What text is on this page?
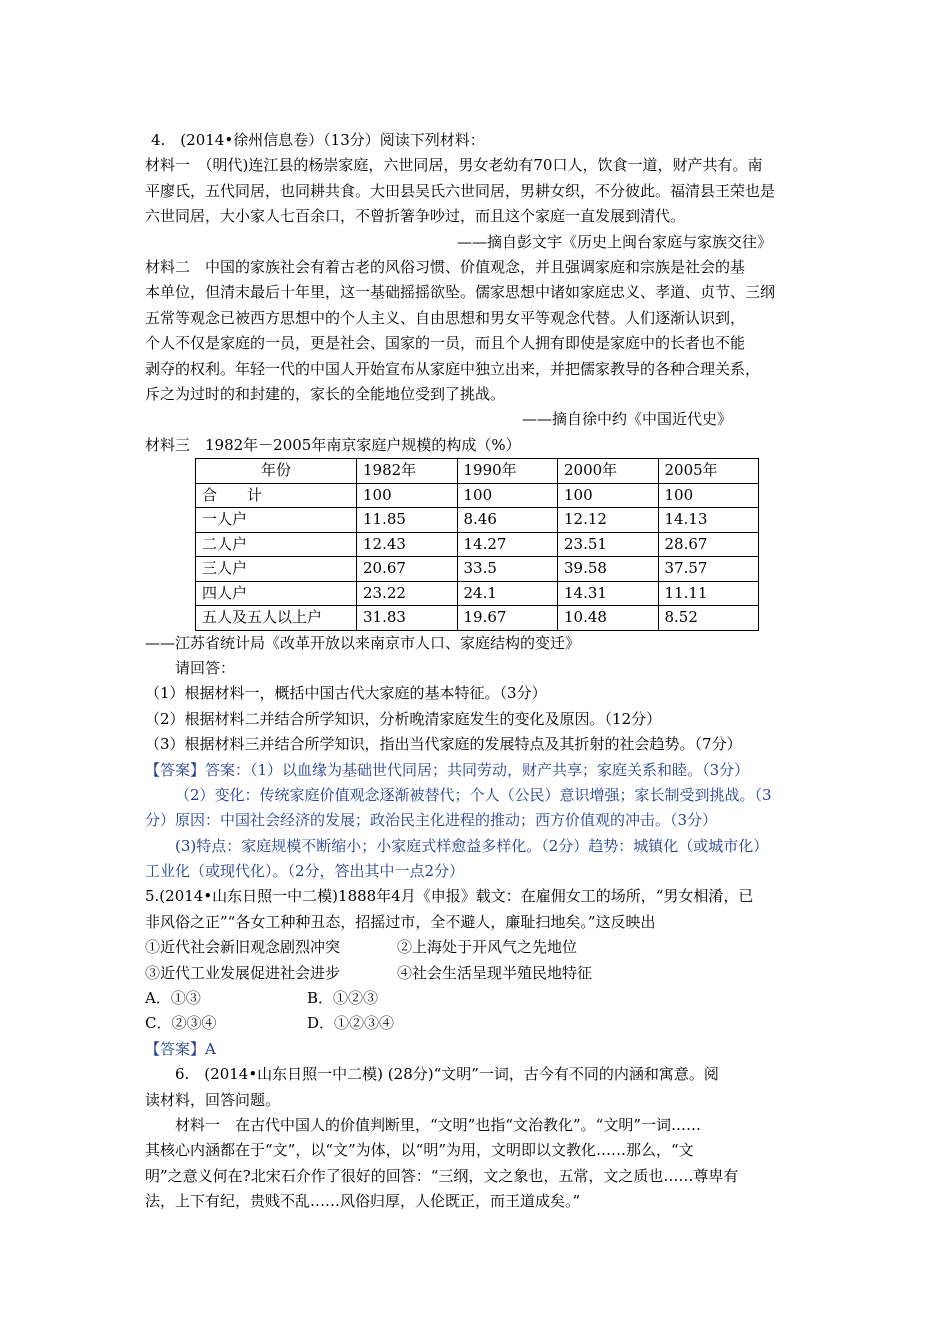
4.　(2014•徐州信息卷）（13分）阅读下列材料：
材料一　（明代)连江县的杨崇家庭，六世同居，男女老幼有70口人，饮食一道，财产共有。南
平廖氏，五代同居，也同耕共食。大田县吴氏六世同居，男耕女织，不分彼此。福清县王荣也是
六世同居，大小家人七百余口，不曾折箸争吵过，而且这个家庭一直发展到清代。
——摘自彭文宇《历史上闽台家庭与家族交往》
材料二　中国的家族社会有着古老的风俗习惯、价值观念，并且强调家庭和宗族是社会的基
本单位，但清末最后十年里，这一基础摇摇欲坠。儒家思想中诸如家庭忠义、孝道、贞节、三纲
五常等观念已被西方思想中的个人主义、自由思想和男女平等观念代替。人们逐渐认识到，
个人不仅是家庭的一员，更是社会、国家的一员，而且个人拥有即使是家庭中的长者也不能
剥夺的权利。年轻一代的中国人开始宣布从家庭中独立出来，并把儒家教导的各种合理关系，
斥之为过时的和封建的，家长的全能地位受到了挑战。
——摘自徐中约《中国近代史》
材料三　1982年－2005年南京家庭户规模的构成（%）
年份	1982年	1990年	2000年	2005年
合　　计	100	100	100	100
一人户	11.85	8.46	12.12	14.13
二人户	12.43	14.27	23.51	28.67
三人户	20.67	33.5	39.58	37.57
四人户	23.22	24.1	14.31	11.11
五人及五人以上户	31.83	19.67	10.48	8.52
——江苏省统计局《改革开放以来南京市人口、家庭结构的变迁》
请回答：
（1）根据材料一，概括中国古代大家庭的基本特征。（3分）
（2）根据材料二并结合所学知识，分析晚清家庭发生的变化及原因。（12分）
（3）根据材料三并结合所学知识，指出当代家庭的发展特点及其折射的社会趋势。（7分）
【答案】答案：（1）以血缘为基础世代同居；共同劳动，财产共享；家庭关系和睦。（3分）
（2）变化：传统家庭价值观念逐渐被替代；个人（公民）意识增强；家长制受到挑战。（3
分）原因：中国社会经济的发展；政治民主化进程的推动；西方价值观的冲击。（3分）
(3)特点：家庭规模不断缩小；小家庭式样愈益多样化。（2分）趋势：城镇化（或城市化）
工业化（或现代化）。（2分，答出其中一点2分）
5.(2014•山东日照一中二模)1888年4月《申报》载文：在雇佣女工的场所，“男女相淆，已
非风俗之正”“各女工种种丑态，招摇过市，全不避人，廉耻扫地矣。”这反映出
①近代社会新旧观念剧烈冲突	②上海处于开风气之先地位
③近代工业发展促进社会进步	④社会生活呈现半殖民地特征
A．①③	B．①②③
C．②③④	D．①②③④
【答案】A
6.　(2014•山东日照一中二模) (28分)“文明”一词，古今有不同的内涵和寓意。阅
读材料，回答问题。
材料一　在古代中国人的价值判断里，“文明”也指“文治教化”。“文明”一词……
其核心内涵都在于“文”，以“文”为体，以“明”为用，文明即以文教化……那么，“文
明”之意义何在?北宋石介作了很好的回答：“三纲，文之象也，五常，文之质也……尊卑有
法，上下有纪，贵贱不乱……风俗归厚，人伦既正，而王道成矣。”
